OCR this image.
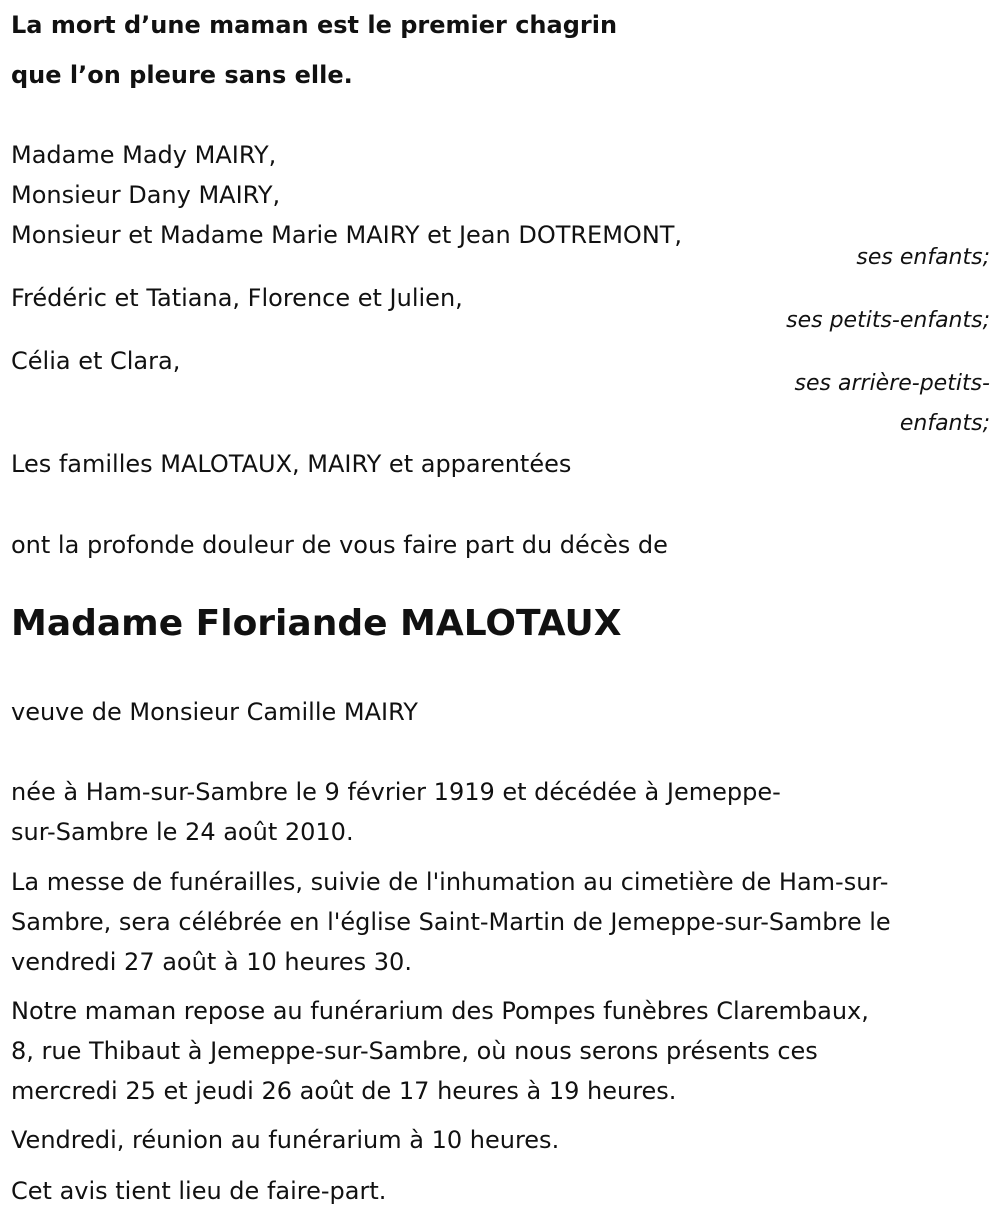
La mort d’une maman est le premier chagrin
que l’on pleure sans elle.
Madame Mady MAIRY,
Monsieur Dany MAIRY,
Monsieur et Madame Marie MAIRY et Jean DOTREMONT,
ses enfants;
Frédéric et Tatiana, Florence et Julien,
ses petits-enfants;
Célia et Clara,
ses arrière-petits-
enfants;
Les familles MALOTAUX, MAIRY et apparentées
ont la profonde douleur de vous faire part du décès de
Madame Floriande MALOTAUX
veuve de Monsieur Camille MAIRY
née à Ham-sur-Sambre le 9 février 1919 et décédée à Jemeppe-
sur-Sambre le 24 août 2010.
La messe de funérailles, suivie de l'inhumation au cimetière de Ham-sur-
Sambre, sera célébrée en l'église Saint-Martin de Jemeppe-sur-Sambre le
vendredi 27 août à 10 heures 30.
Notre maman repose au funérarium des Pompes funèbres Clarembaux,
8, rue Thibaut à Jemeppe-sur-Sambre, où nous serons présents ces
mercredi 25 et jeudi 26 août de 17 heures à 19 heures.
Vendredi, réunion au funérarium à 10 heures.
Cet avis tient lieu de faire-part.
